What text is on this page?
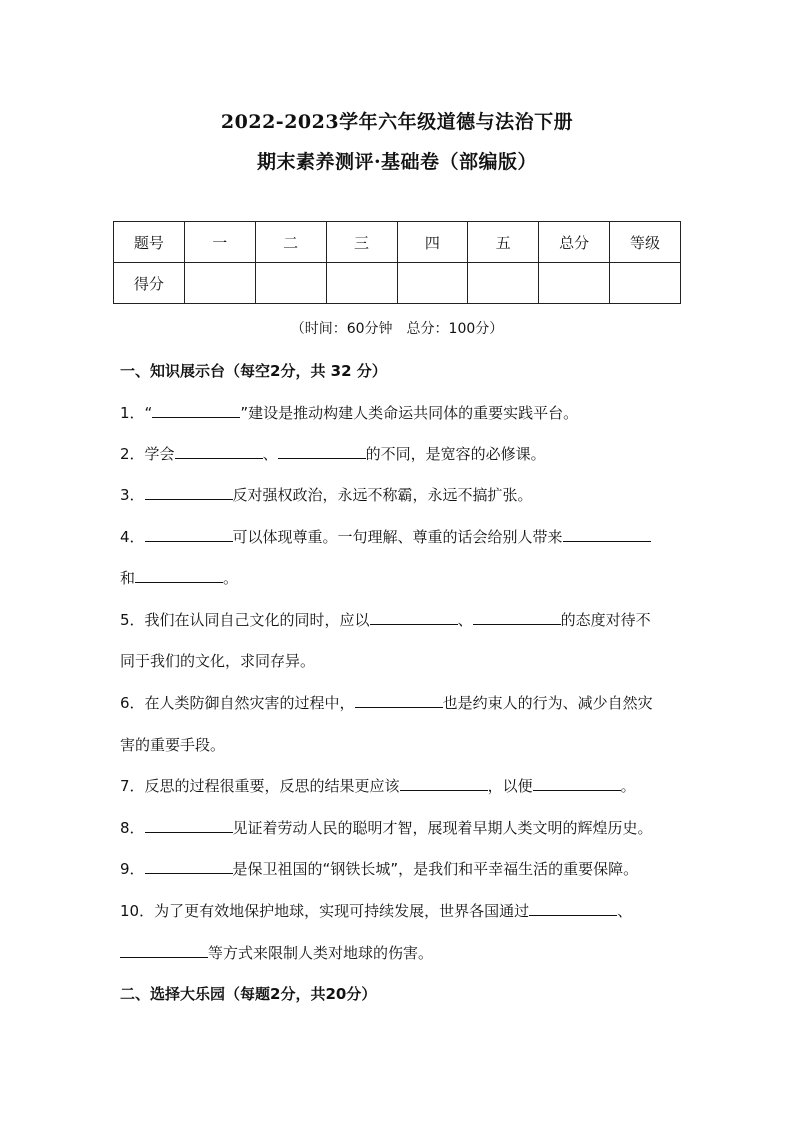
2022-2023学年六年级道德与法治下册
期末素养测评·基础卷（部编版）
题号	一	二	三	四	五	总分	等级
得分							
（时间：60分钟　总分：100分）
一、知识展示台（每空2分，共 32 分）
1．“	”建设是推动构建人类命运共同体的重要实践平台。
2．学会	、	的不同，是宽容的必修课。
3．	反对强权政治，永远不称霸，永远不搞扩张。
4．	可以体现尊重。一句理解、尊重的话会给别人带来
和	。
5．我们在认同自己文化的同时，应以	、	的态度对待不
同于我们的文化，求同存异。
6．在人类防御自然灾害的过程中，	也是约束人的行为、减少自然灾
害的重要手段。
7．反思的过程很重要，反思的结果更应该	，以便	。
8．	见证着劳动人民的聪明才智，展现着早期人类文明的辉煌历史。
9．	是保卫祖国的“钢铁长城”，是我们和平幸福生活的重要保障。
10．为了更有效地保护地球，实现可持续发展，世界各国通过	、
等方式来限制人类对地球的伤害。
二、选择大乐园（每题2分，共20分）
